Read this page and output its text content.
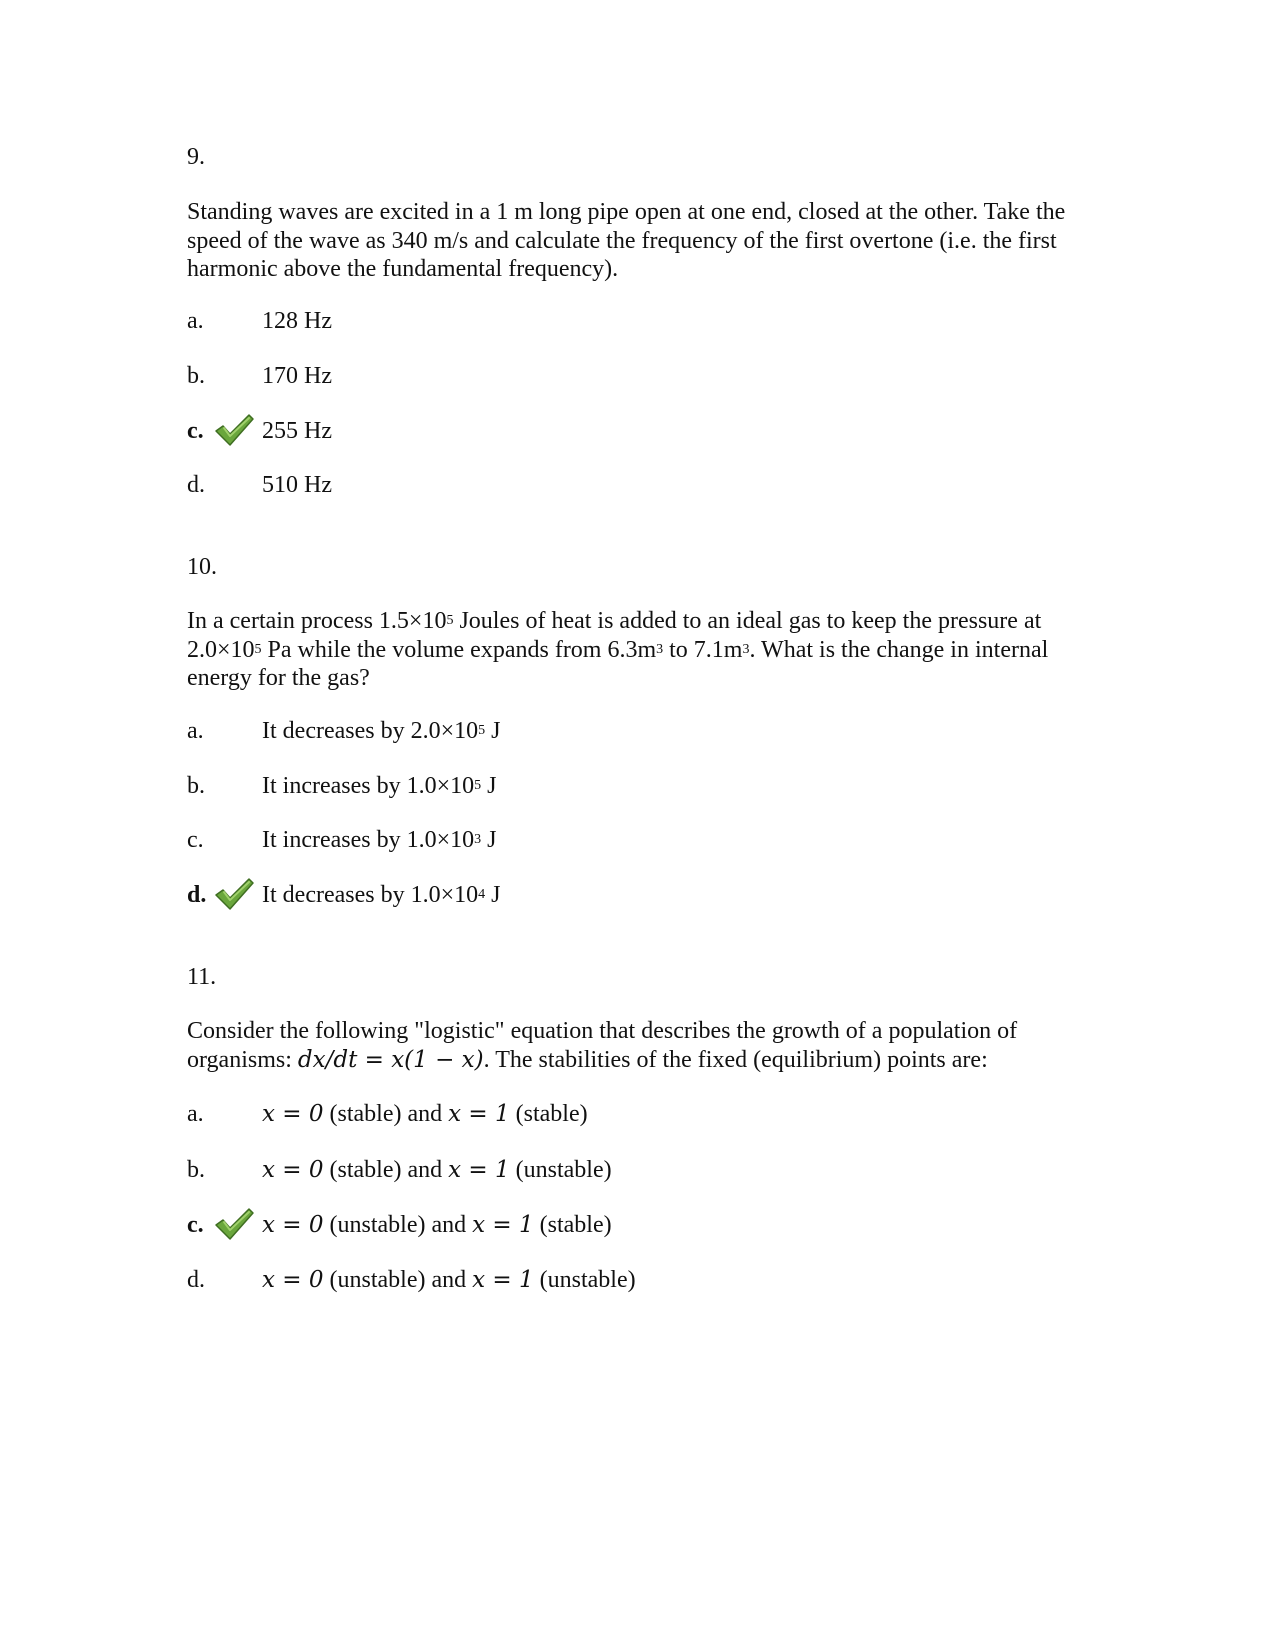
9.
Standing waves are excited in a 1 m long pipe open at one end, closed at the other. Take the speed of the wave as 340 m/s and calculate the frequency of the first overtone (i.e. the first harmonic above the fundamental frequency).
a. 128 Hz
b. 170 Hz
c. 255 Hz
d. 510 Hz
10.
In a certain process $1.5\times 10^5$ Joules of heat is added to an ideal gas to keep the pressure at $2.0\times 10^5$ Pa while the volume expands from $6.3m^3$ to $7.1m^3$. What is the change in internal energy for the gas?
a. It decreases by $2.0\times 10^5$ J
b. It increases by $1.0\times 10^5$ J
c. It increases by $1.0\times 10^3$ J
d. It decreases by $1.0\times 10^4$ J
11.
Consider the following "logistic" equation that describes the growth of a population of organisms: dx/dt = x(1 − x). The stabilities of the fixed (equilibrium) points are:
a.	x = 0 (stable) and x = 1 (stable)
b. x = 0 (stable) and x = 1 (unstable)
c.	x = 0 (unstable) and x = 1 (stable)
d. x = 0 (unstable) and x = 1 (unstable)
